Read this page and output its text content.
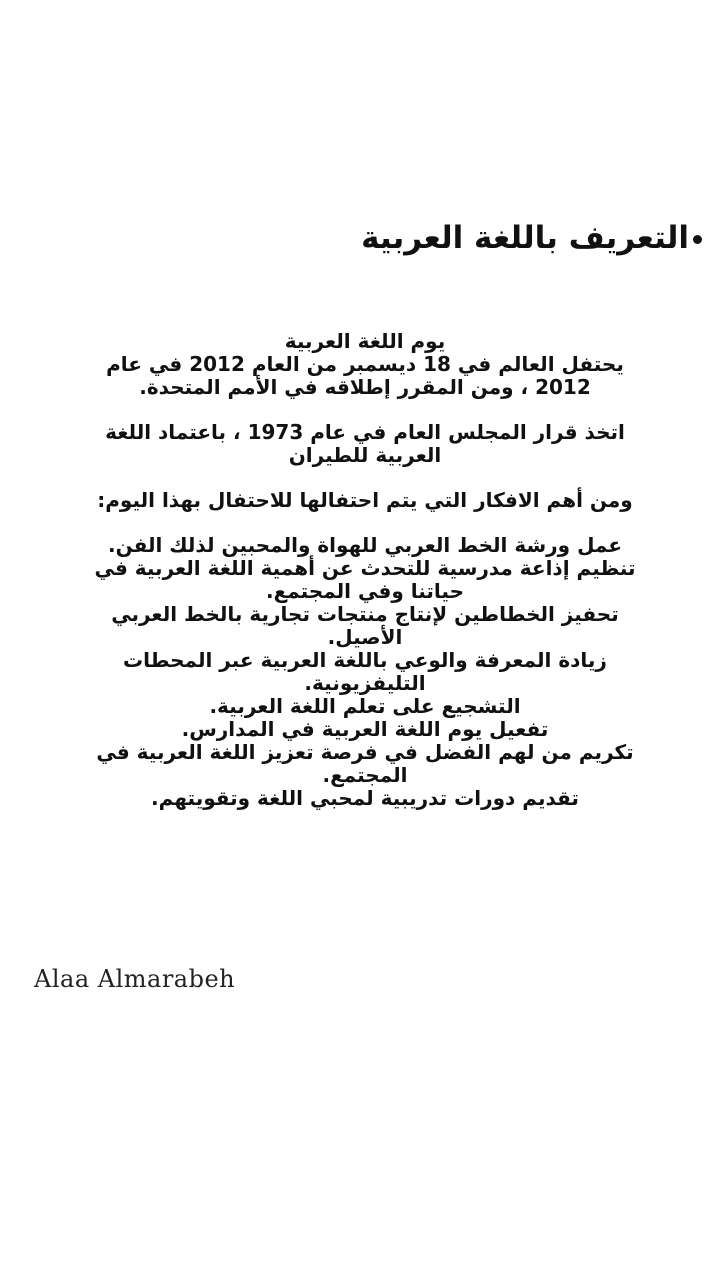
التعريف باللغة العربية
يوم اللغة العربية
يحتفل العالم في 18 ديسمبر من العام 2012 في عام
2012 ، ومن المقرر إطلاقه في الأمم المتحدة.
اتخذ قرار المجلس العام في عام 1973 ، باعتماد اللغة
العربية للطيران
ومن أهم الافكار التي يتم احتفالها للاحتفال بهذا اليوم:
عمل ورشة الخط العربي للهواة والمحبين لذلك الفن.
تنظيم إذاعة مدرسية للتحدث عن أهمية اللغة العربية في
حياتنا وفي المجتمع.
تحفيز الخطاطين لإنتاج منتجات تجارية بالخط العربي
الأصيل.
زيادة المعرفة والوعي باللغة العربية عبر المحطات
التليفزيونية.
التشجيع على تعلم اللغة العربية.
تفعيل يوم اللغة العربية في المدارس.
تكريم من لهم الفضل في فرصة تعزيز اللغة العربية في
المجتمع.
تقديم دورات تدريبية لمحبي اللغة وتقويتهم.

Alaa Almarabeh
